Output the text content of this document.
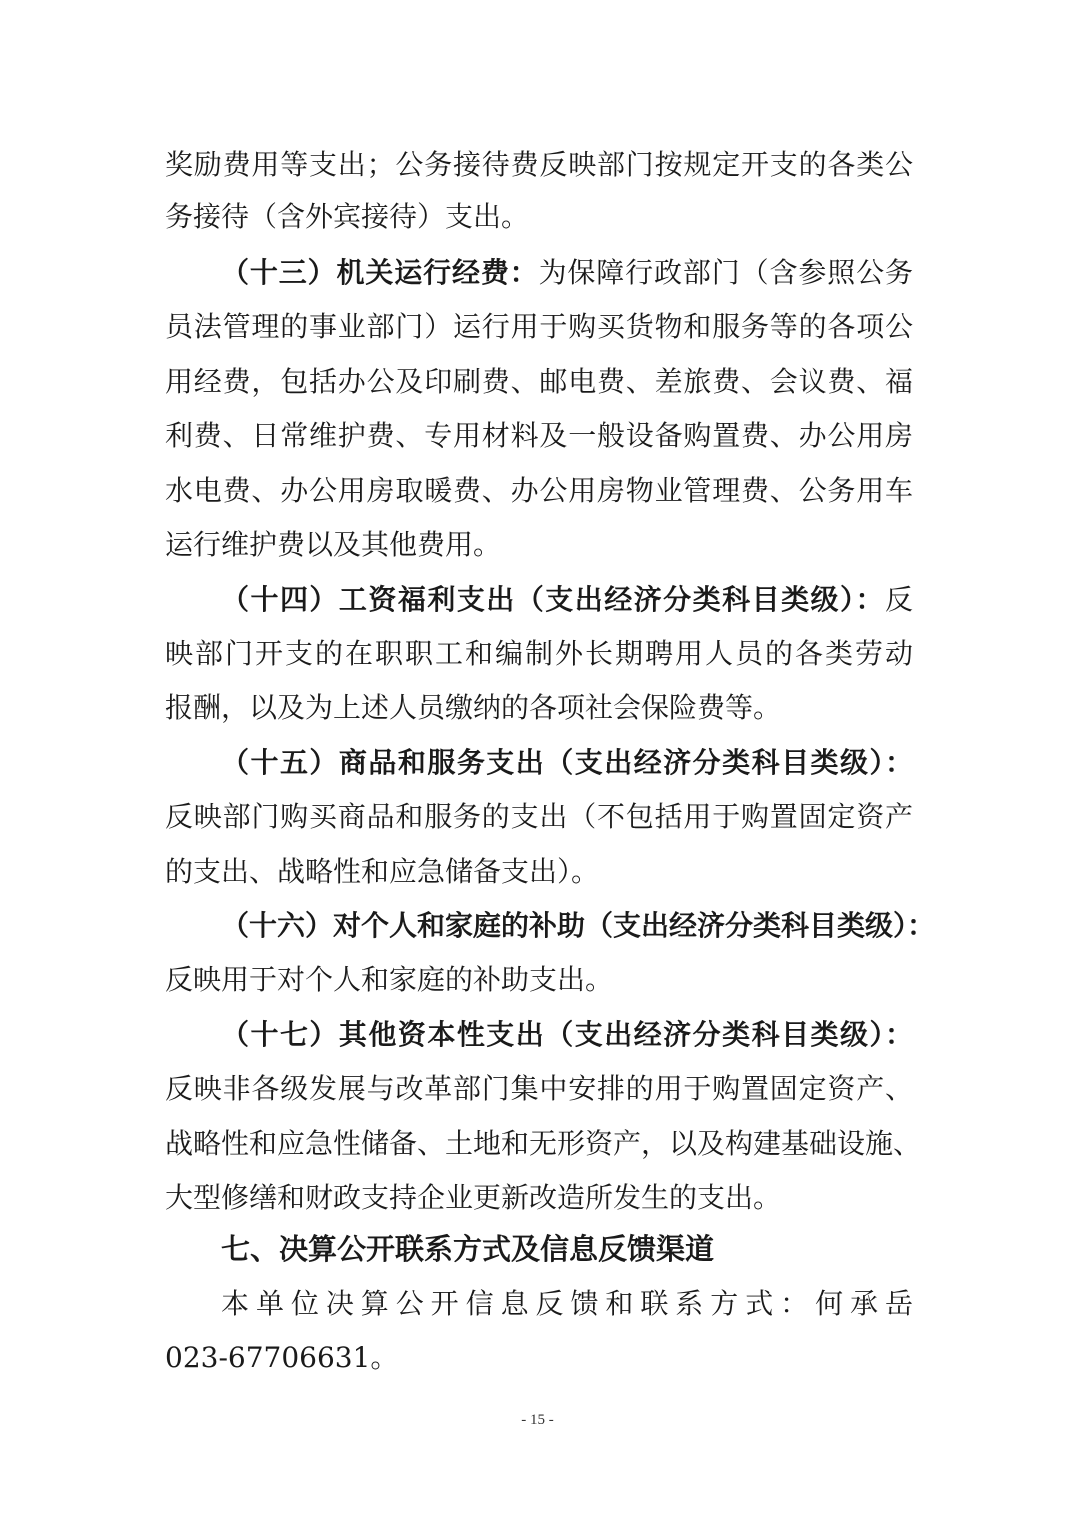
奖励费用等支出；公务接待费反映部门按规定开支的各类公
务接待（含外宾接待）支出。
（十三）机关运行经费：为保障行政部门（含参照公务
员法管理的事业部门）运行用于购买货物和服务等的各项公
用经费，包括办公及印刷费、邮电费、差旅费、会议费、福
利费、日常维护费、专用材料及一般设备购置费、办公用房
水电费、办公用房取暖费、办公用房物业管理费、公务用车
运行维护费以及其他费用。
（十四）工资福利支出（支出经济分类科目类级）：反
映部门开支的在职职工和编制外长期聘用人员的各类劳动
报酬，以及为上述人员缴纳的各项社会保险费等。
（十五）商品和服务支出（支出经济分类科目类级）：
反映部门购买商品和服务的支出（不包括用于购置固定资产
的支出、战略性和应急储备支出）。
（十六）对个人和家庭的补助（支出经济分类科目类级）：
反映用于对个人和家庭的补助支出。
（十七）其他资本性支出（支出经济分类科目类级）：
反映非各级发展与改革部门集中安排的用于购置固定资产、
战略性和应急性储备、土地和无形资产，以及构建基础设施、
大型修缮和财政支持企业更新改造所发生的支出。
七、决算公开联系方式及信息反馈渠道
本单位决算公开信息反馈和联系方式：何承岳
023-67706631。
- 15 -
